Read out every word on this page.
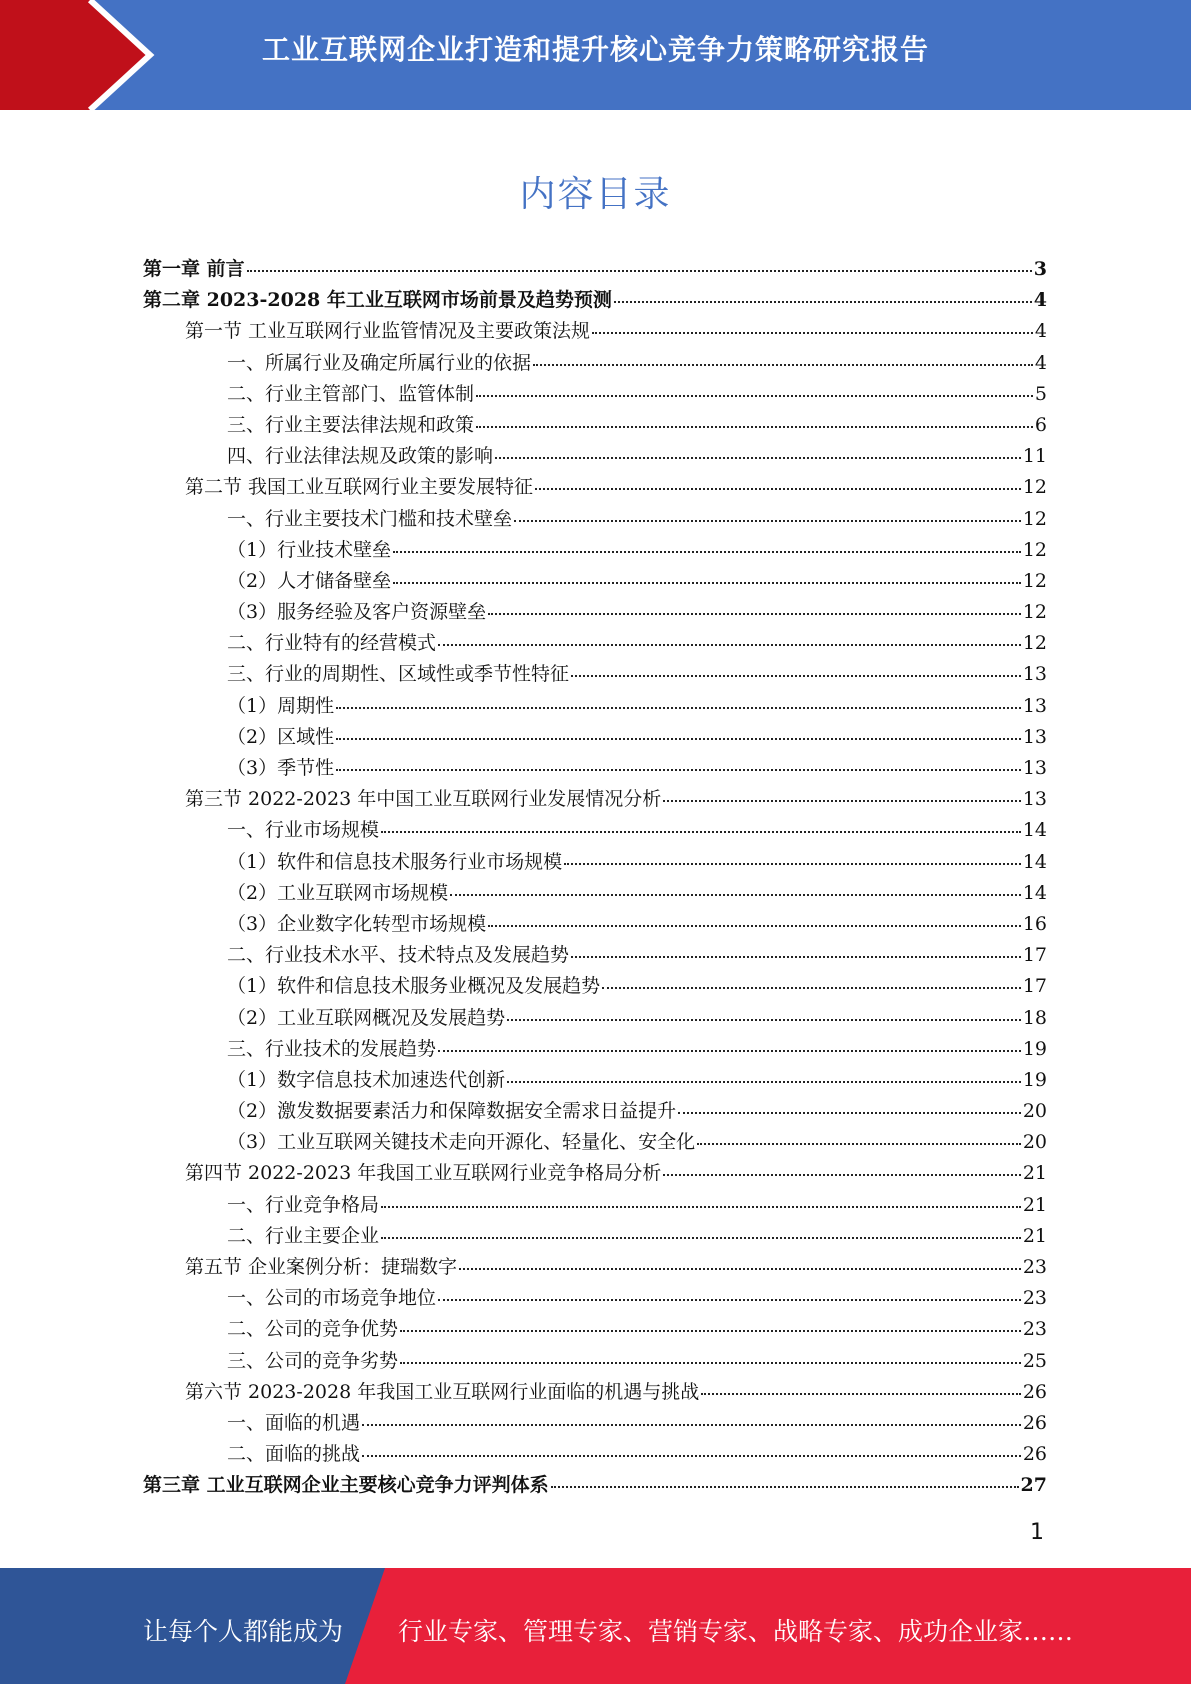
工业互联网企业打造和提升核心竞争力策略研究报告
内容目录
第一章 前言	3
第二章 2023-2028 年工业互联网市场前景及趋势预测	4
第一节 工业互联网行业监管情况及主要政策法规	4
一、所属行业及确定所属行业的依据	4
二、行业主管部门、监管体制	5
三、行业主要法律法规和政策	6
四、行业法律法规及政策的影响	11
第二节 我国工业互联网行业主要发展特征	12
一、行业主要技术门槛和技术壁垒	12
（1）行业技术壁垒	12
（2）人才储备壁垒	12
（3）服务经验及客户资源壁垒	12
二、行业特有的经营模式	12
三、行业的周期性、区域性或季节性特征	13
（1）周期性	13
（2）区域性	13
（3）季节性	13
第三节 2022-2023 年中国工业互联网行业发展情况分析	13
一、行业市场规模	14
（1）软件和信息技术服务行业市场规模	14
（2）工业互联网市场规模	14
（3）企业数字化转型市场规模	16
二、行业技术水平、技术特点及发展趋势	17
（1）软件和信息技术服务业概况及发展趋势	17
（2）工业互联网概况及发展趋势	18
三、行业技术的发展趋势	19
（1）数字信息技术加速迭代创新	19
（2）激发数据要素活力和保障数据安全需求日益提升	20
（3）工业互联网关键技术走向开源化、轻量化、安全化	20
第四节 2022-2023 年我国工业互联网行业竞争格局分析	21
一、行业竞争格局	21
二、行业主要企业	21
第五节 企业案例分析：捷瑞数字	23
一、公司的市场竞争地位	23
二、公司的竞争优势	23
三、公司的竞争劣势	25
第六节 2023-2028 年我国工业互联网行业面临的机遇与挑战	26
一、面临的机遇	26
二、面临的挑战	26
第三章 工业互联网企业主要核心竞争力评判体系	27
1
让每个人都能成为 行业专家、管理专家、营销专家、战略专家、成功企业家……
